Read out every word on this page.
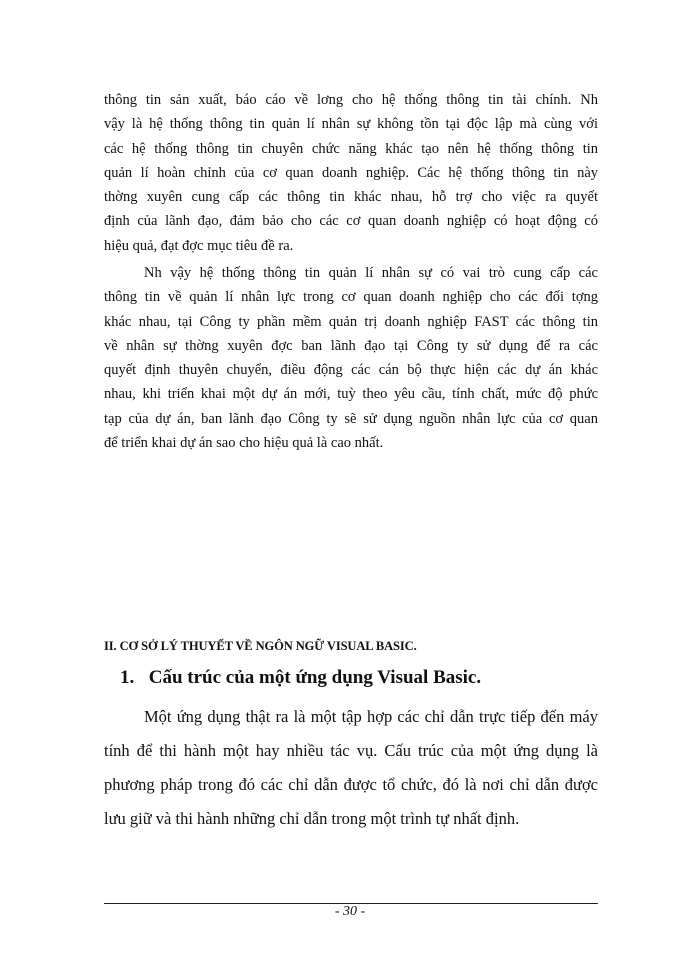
thông tin sản xuất, báo cáo về lơng cho hệ thống thông tin tài chính. Nh
vậy là hệ thống thông tin quản lí nhân sự không tồn tại độc lập mà cùng với
các hệ thống thông tin chuyên chức năng khác tạo nên hệ thống thông tin
quản lí hoàn chỉnh của cơ quan doanh nghiệp. Các hệ thống thông tin này
thờng xuyên cung cấp các thông tin khác nhau, hỗ trợ cho việc ra quyết
định của lãnh đạo, đảm bảo cho các cơ quan doanh nghiệp có hoạt động có
hiệu quả, đạt đợc mục tiêu đề ra.
Nh vậy hệ thống thông tin quản lí nhân sự có vai trò cung cấp các
thông tin về quản lí nhân lực trong cơ quan doanh nghiệp cho các đối tợng
khác nhau, tại Công ty phần mềm quản trị doanh nghiệp FAST các thông tin
về nhân sự thờng xuyên đợc ban lãnh đạo tại Công ty sử dụng để ra các
quyết định thuyên chuyển, điều động các cán bộ thực hiện các dự án khác
nhau, khi triển khai một dự án mới, tuỳ theo yêu cầu, tính chất, mức độ phức
tạp của dự án, ban lãnh đạo Công ty sẽ sử dụng nguồn nhân lực của cơ quan
để triển khai dự án sao cho hiệu quả là cao nhất.
II. CƠ SỞ LÝ THUYẾT VỀ NGÔN NGỮ VISUAL BASIC.
1. Cấu trúc của một ứng dụng Visual Basic.
Một ứng dụng thật ra là một tập hợp các chỉ dẫn trực tiếp đến máy
tính để thi hành một hay nhiều tác vụ. Cấu trúc của một ứng dụng là
phương pháp trong đó các chỉ dẫn được tổ chức, đó là nơi chỉ dẫn được
lưu giữ và thi hành những chỉ dẫn trong một trình tự nhất định.
- 30 -
